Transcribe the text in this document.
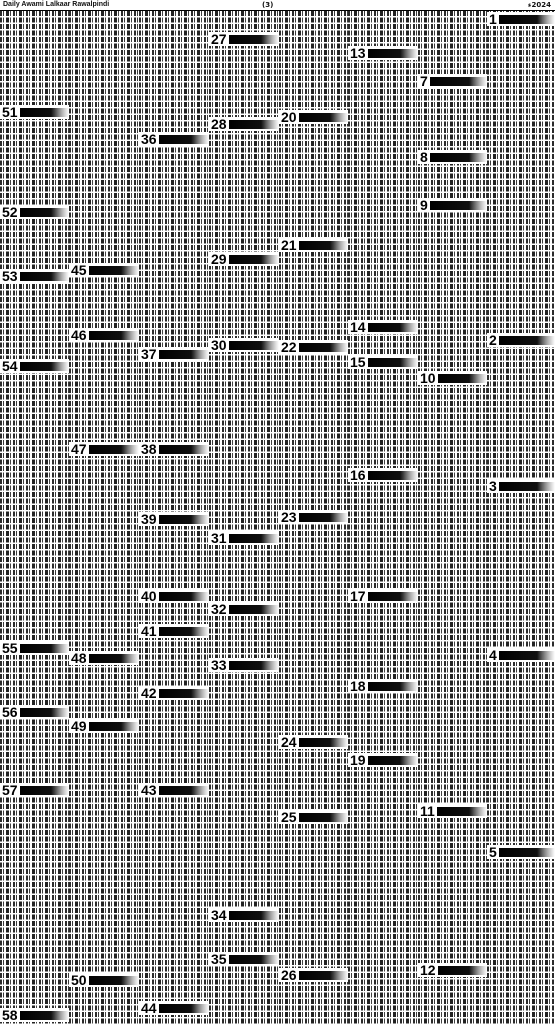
Daily Awami Lalkaar Rawalpindi	(3)	2024ء
51
52
53
54
55
56
57
58
45
46
47
48
49
50
36
37
38
39
40
41
42
43
44
27
28
29
30
31
32
33
34
35
20
21
22
23
24
25
26
13
14
15
16
17
18
19
7
8
9
10
11
12
1
2
3
4
5
